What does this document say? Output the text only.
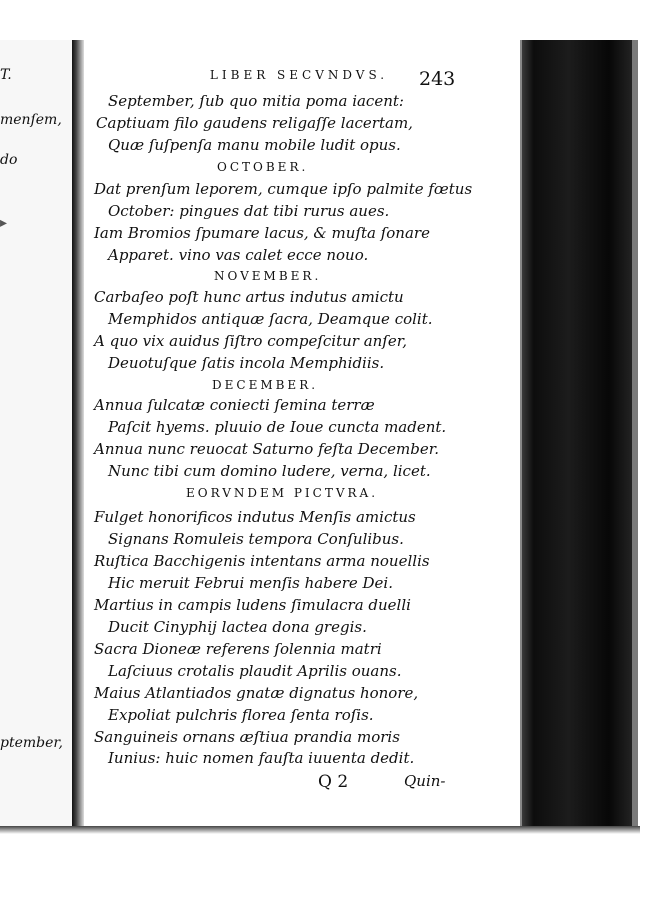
T.
menſem,
do
▸
ptember,
LIBER SECVNDVS.	243
September, ſub quo mitia poma iacent:
Captiuam filo gaudens religaſſe lacertam,
Quæ ſuſpenſa manu mobile ludit opus.
OCTOBER.
Dat prenſum leporem, cumque ipſo palmite fœtus
October: pingues dat tibi rurus aues.
Iam Bromios ſpumare lacus, & muſta ſonare
Apparet. vino vas calet ecce nouo.
NOVEMBER.
Carbaſeo poſt hunc artus indutus amictu
Memphidos antiquæ ſacra, Deamque colit.
A quo vix auidus ſiſtro compeſcitur anſer,
Deuotuſque ſatis incola Memphidiis.
DECEMBER.
Annua ſulcatæ coniecti ſemina terræ
Paſcit hyems. pluuio de Ioue cuncta madent.
Annua nunc reuocat Saturno feſta December.
Nunc tibi cum domino ludere, verna, licet.
EORVNDEM PICTVRA.
Fulget honorificos indutus Menſis amictus
Signans Romuleis tempora Conſulibus.
Ruſtica Bacchigenis intentans arma nouellis
Hic meruit Februi menſis habere Dei.
Martius in campis ludens ſimulacra duelli
Ducit Cinyphij lactea dona gregis.
Sacra Dioneæ referens ſolennia matri
Laſciuus crotalis plaudit Aprilis ouans.
Maius Atlantiados gnatæ dignatus honore,
Expoliat pulchris florea ſenta roſis.
Sanguineis ornans æſtiua prandia moris
Q 2	Quin-
Iunius: huic nomen fauſta iuuenta dedit.
